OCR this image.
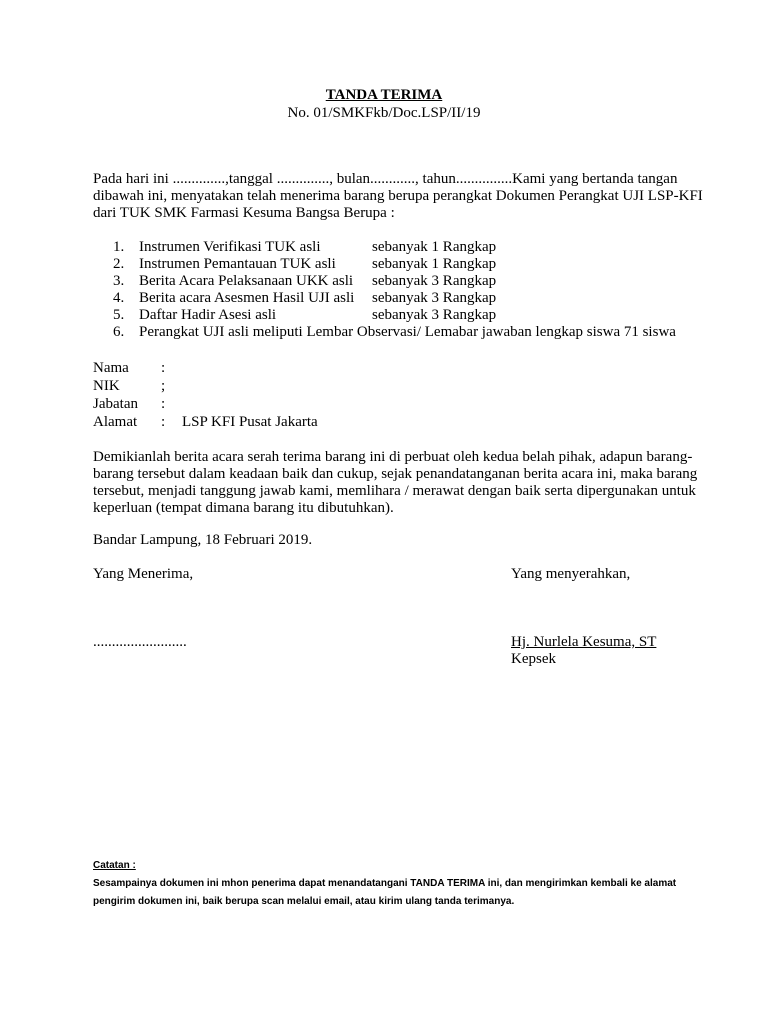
TANDA TERIMA
No. 01/SMKFkb/Doc.LSP/II/19
Pada hari ini ..............,tanggal .............., bulan............, tahun...............Kami yang bertanda tangan dibawah ini, menyatakan telah menerima barang berupa perangkat Dokumen Perangkat UJI LSP-KFI dari TUK SMK Farmasi Kesuma Bangsa Berupa :
1. Instrumen Verifikasi TUK asli	sebanyak 1 Rangkap
2. Instrumen Pemantauan TUK asli sebanyak 1 Rangkap
3. Berita Acara Pelaksanaan UKK asli sebanyak 3 Rangkap
4. Berita acara Asesmen Hasil UJI asli sebanyak 3 Rangkap
5. Daftar Hadir Asesi asli	sebanyak 3 Rangkap
6. Perangkat UJI asli meliputi Lembar Observasi/ Lemabar jawaban lengkap siswa 71 siswa
Nama :
NIK	;
Jabatan :
Alamat : LSP KFI Pusat Jakarta
Demikianlah berita acara serah terima barang ini di perbuat oleh kedua belah pihak, adapun barang-barang tersebut dalam keadaan baik dan cukup, sejak penandatanganan berita acara ini, maka barang tersebut, menjadi tanggung jawab kami, memlihara / merawat dengan baik serta dipergunakan untuk keperluan (tempat dimana barang itu dibutuhkan).
Bandar Lampung, 18 Februari 2019.
Yang Menerima,	Yang menyerahkan,
.........................	Hj. Nurlela Kesuma, ST
Kepsek
Catatan :
Sesampainya dokumen ini mhon penerima dapat menandatangani TANDA TERIMA ini, dan mengirimkan kembali ke alamat pengirim dokumen ini, baik berupa scan melalui email, atau kirim ulang tanda terimanya.
